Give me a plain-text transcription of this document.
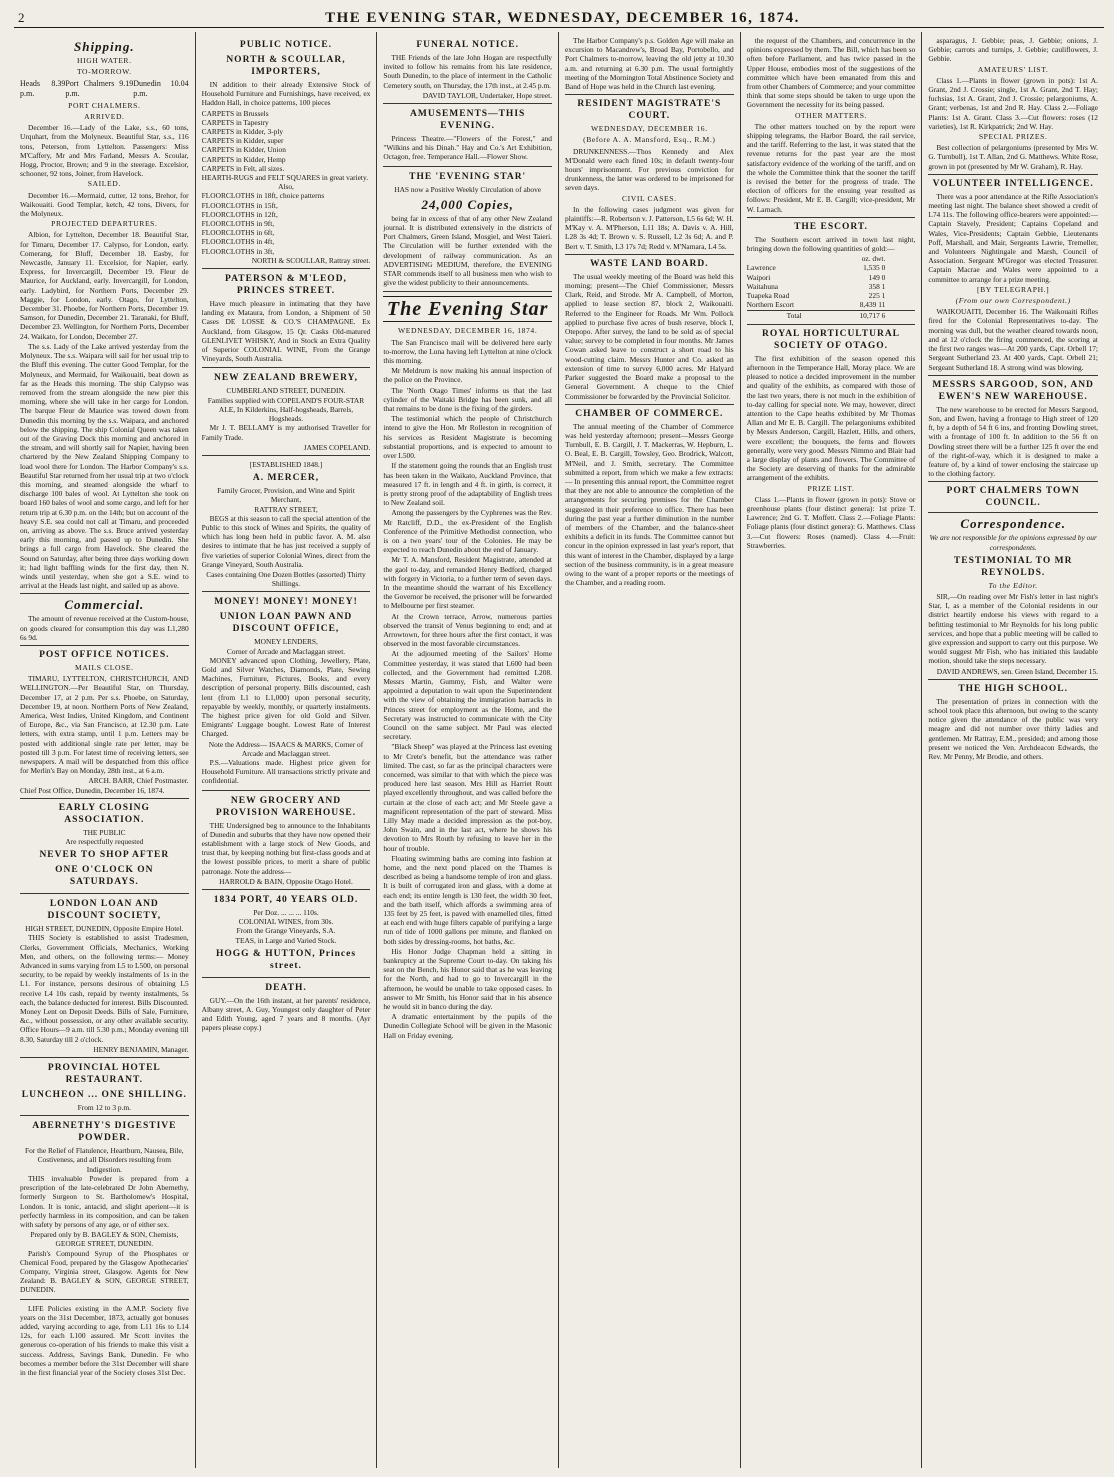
2	THE EVENING STAR, WEDNESDAY, DECEMBER 16, 1874.
Shipping.
HIGH WATER.
TO-MORROW.
Heads 8.39 p.m.
Port Chalmers 9.19 p.m.
Dunedin 10.04 p.m.
PORT CHALMERS.
ARRIVED.

December 16.—Lady of the Lake, s.s., 60 tons, Urquhart, from the Molyneux. Beautiful Star, s.s., 116 tons, Peterson, from Lyttelton. Passengers: Miss M'Caffery, Mr and Mrs Farland, Messrs A. Scoular, Hogg, Proctor, Brown; and 9 in the steerage. Excelsior, schooner, 92 tons, Joiner, from Havelock.

SAILED.

December 16.—Mermaid, cutter, 12 tons, Brehor, for Waikouaiti. Good Templar, ketch, 42 tons, Divers, for the Molyneux.

PROJECTED DEPARTURES.

Albion, for Lyttelton, December 18. Beautiful Star, for Timaru, December 17. Calypso, for London, early. Comerang, for Bluff, December 18. Easby, for Newcastle, January 11. Excelsior, for Napier, early. Express, for Invercargill, December 19. Fleur de Maurice, for Auckland, early. Invercargill, for London, early. Ladybird, for Northern Ports, December 29. Maggie, for London, early. Otago, for Lyttelton, December 31. Phoebe, for Northern Ports, December 19. Samson, for Dunedin, December 21. Taranaki, for Bluff, December 23. Wellington, for Northern Ports, December 24. Waikato, for London, December 27.

The s.s. Lady of the Lake arrived yesterday from the Molyneux. The s.s. Waipara will sail for her usual trip to the Bluff this evening. The cutter Good Templar, for the Molyneux, and Mermaid, for Waikouaiti, beat down as far as the Heads this morning. The ship Calypso was removed from the stream alongside the new pier this morning, where she will take in her cargo for London. The barque Fleur de Maurice was towed down from Dunedin this morning by the s.s. Waipara, and anchored below the shipping. The ship Colonial Queen was taken out of the Graving Dock this morning and anchored in the stream, and will shortly sail for Napier, having been chartered by the New Zealand Shipping Company to load wool there for London. The Harbor Company's s.s. Beautiful Star returned from her usual trip at two o'clock this morning, and steamed alongside the wharf to discharge 100 bales of wool. At Lyttelton she took on board 160 bales of wool and some cargo, and left for her return trip at 6.30 p.m. on the 14th; but on account of the heavy S.E. sea could not call at Timaru, and proceeded on, arriving as above. The s.s. Bruce arrived yesterday early this morning, and passed up to Dunedin. She brings a full cargo from Havelock. She cleared the Sound on Saturday, after being three days working down it; had light baffling winds for the first day, then N. winds until yesterday, when she got a S.E. wind to arrival at the Heads last night, and sailed up as above.

Commercial.

The amount of revenue received at the Custom-house, on goods cleared for consumption this day was L1,280 6s 9d.

POST OFFICE NOTICES.
MAILS CLOSE.

TIMARU, LYTTELTON, CHRISTCHURCH, AND WELLINGTON.—Per Beautiful Star, on Thursday, December 17, at 2 p.m. Per s.s. Phoebe, on Saturday, December 19, at noon. Northern Ports of New Zealand, America, West Indies, United Kingdom, and Continent of Europe, &c., via San Francisco, at 12.30 p.m. Late letters, with extra stamp, until 1 p.m. Letters may be posted with additional single rate per letter, may be posted till 3 p.m. For latest time of receiving letters, see newspapers. A mail will be despatched from this office for Merlin's Bay on Monday, 28th inst., at 6 a.m.

ARCH. BARR, Chief Postmaster.

Chief Post Office, Dunedin, December 16, 1874.

EARLY CLOSING ASSOCIATION.
THE PUBLIC
Are respectfully requested
NEVER TO SHOP AFTER
ONE O'CLOCK ON SATURDAYS.
LONDON LOAN AND DISCOUNT SOCIETY,
HIGH STREET, DUNEDIN, Opposite Empire Hotel.

THIS Society is established to assist Tradesmen, Clerks, Government Officials, Mechanics, Working Men, and others, on the following terms:— Money Advanced in sums varying from L5 to L500, on personal security, to be repaid by weekly instalments of 1s in the L1. For instance, persons desirous of obtaining L5 receive L4 10s cash, repaid by twenty instalments, 5s each, the balance deducted for interest. Bills Discounted. Money Lent on Deposit Deeds. Bills of Sale, Furniture, &c., without possession, or any other available security. Office Hours—9 a.m. till 5.30 p.m.; Monday evening till 8.30, Saturday till 2 o'clock.

HENRY BENJAMIN, Manager.

PROVINCIAL HOTEL RESTAURANT.
LUNCHEON ... ONE SHILLING.
From 12 to 3 p.m.
ABERNETHY'S DIGESTIVE POWDER.
For the Relief of Flatulence, Heartburn, Nausea, Bile, Costiveness, and all Disorders resulting from Indigestion.

THIS invaluable Powder is prepared from a prescription of the late-celebrated Dr John Abernethy, formerly Surgeon to St. Bartholomew's Hospital, London. It is tonic, antacid, and slight aperient—it is perfectly harmless in its composition, and can be taken with safety by persons of any age, or of either sex.

Prepared only by B. BAGLEY & SON, Chemists, GEORGE STREET, DUNEDIN.

Parish's Compound Syrup of the Phosphates or Chemical Food, prepared by the Glasgow Apothecaries' Company, Virginia street, Glasgow. Agents for New Zealand: B. BAGLEY & SON, GEORGE STREET, DUNEDIN.

LIFE Policies existing in the A.M.P. Society five years on the 31st December, 1873, actually got bonuses added, varying according to age, from L11 16s to L14 12s, for each L100 assured. Mr Scott invites the generous co-operation of his friends to make this visit a success. Address, Savings Bank, Dunedin. Fe who becomes a member before the 31st December will share in the first financial year of the Society closes 31st Dec.

PUBLIC NOTICE.
NORTH & SCOULLAR, IMPORTERS,

IN addition to their already Extensive Stock of Household Furniture and Furnishings, have received, ex Haddon Hall, in choice patterns, 100 pieces

CARPETS in Brussels
CARPETS in Tapestry
CARPETS in Kidder, 3-ply
CARPETS in Kidder, super
CARPETS in Kidder, Union
CARPETS in Kidder, Hemp
CARPETS in Felt, all sizes.
HEARTH-RUGS and FELT SQUARES in great variety.
Also,
FLOORCLOTHS in 18ft, choice patterns
FLOORCLOTHS in 15ft,
FLOORCLOTHS in 12ft,
FLOORCLOTHS in 9ft,
FLOORCLOTHS in 6ft,
FLOORCLOTHS in 4ft,
FLOORCLOTHS in 3ft,

NORTH & SCOULLAR, Rattray street.

PATERSON & M'LEOD, PRINCES STREET.

Have much pleasure in intimating that they have landing ex Mataura, from London, a Shipment of 50 Cases DE LOSSE & CO.'S CHAMPAGNE. Ex Auckland, from Glasgow, 15 Qr. Casks Old-matured GLENLIVET WHISKY, And in Stock an Extra Quality of Superior COLONIAL WINE, From the Grange Vineyards, South Australia.

NEW ZEALAND BREWERY,
CUMBERLAND STREET, DUNEDIN.

Families supplied with COPELAND'S FOUR-STAR ALE, In Kilderkins, Half-hogsheads, Barrels, Hogsheads.

Mr J. T. BELLAMY is my authorised Traveller for Family Trade.

JAMES COPELAND.

[ESTABLISHED 1848.]
A. MERCER,
Family Grocer, Provision, and Wine and Spirit Merchant,
RATTRAY STREET,

BEGS at this season to call the special attention of the Public to this stock of Wines and Spirits, the quality of which has long been held in public favor. A. M. also desires to intimate that he has just received a supply of five varieties of superior Colonial Wines, direct from the Grange Vineyard, South Australia.

Cases containing One Dozen Bottles (assorted) Thirty Shillings.

MONEY! MONEY! MONEY!
UNION LOAN PAWN AND DISCOUNT OFFICE,
MONEY LENDERS,
Corner of Arcade and Maclaggan street.

MONEY advanced upon Clothing, Jewellery, Plate, Gold and Silver Watches, Diamonds, Plate, Sewing Machines, Furniture, Pictures, Books, and every description of personal property. Bills discounted, cash lent (from L1 to L1,000) upon personal security, repayable by weekly, monthly, or quarterly instalments. The highest price given for old Gold and Silver. Emigrants' Luggage bought. Lowest Rate of Interest Charged.

Note the Address— ISAACS & MARKS, Corner of Arcade and Maclaggan street.

P.S.—Valuations made. Highest price given for Household Furniture. All transactions strictly private and confidential.

NEW GROCERY AND PROVISION WAREHOUSE.

THE Undersigned beg to announce to the Inhabitants of Dunedin and suburbs that they have now opened their establishment with a large stock of New Goods, and trust that, by keeping nothing but first-class goods and at the lowest possible prices, to merit a share of public patronage. Note the address—

HARROLD & BAIN, Opposite Otago Hotel.

1834 PORT, 40 YEARS OLD.
Per Doz. ... ... ... 110s.
COLONIAL WINES, from 30s.
From the Grange Vineyards, S.A.
TEAS, in Large and Varied Stock.
HOGG & HUTTON, Princes street.
DEATH.

GUY.—On the 16th instant, at her parents' residence, Albany street, A. Guy, Youngest only daughter of Peter and Edith Young, aged 7 years and 8 months. (Ayr papers please copy.)

FUNERAL NOTICE.

THE Friends of the late John Hogan are respectfully invited to follow his remains from his late residence, South Dunedin, to the place of interment in the Catholic Cemetery south, on Thursday, the 17th inst., at 2.45 p.m.

DAVID TAYLOR, Undertaker, Hope street.

AMUSEMENTS—THIS EVENING.

Princess Theatre.—"Flowers of the Forest," and "Wilkins and his Dinah." Hay and Co.'s Art Exhibition, Octagon, free. Temperance Hall.—Flower Show.

THE 'EVENING STAR'

HAS now a Positive Weekly Circulation of above

24,000 Copies,

being far in excess of that of any other New Zealand journal. It is distributed extensively in the districts of Port Chalmers, Green Island, Mosgiel, and West Taieri. The Circulation will be further extended with the development of railway communication. As an ADVERTISING MEDIUM, therefore, the EVENING STAR commends itself to all business men who wish to give the widest publicity to their announcements.

The Evening Star
WEDNESDAY, DECEMBER 16, 1874.

The San Francisco mail will be delivered here early to-morrow, the Luna having left Lyttelton at nine o'clock this morning.

Mr Meldrum is now making his annual inspection of the police on the Province.

The 'North Otago Times' informs us that the last cylinder of the Waitaki Bridge has been sunk, and all that remains to be done is the fixing of the girders.

The testimonial which the people of Christchurch intend to give the Hon. Mr Rolleston in recognition of his services as Resident Magistrate is becoming substantial proportions, and is expected to amount to over L500.

If the statement going the rounds that an English trust has been taken in the Waikato, Auckland Province, that measured 17 ft. in length and 4 ft. in girth, is correct, it is pretty strong proof of the adaptability of English trees to New Zealand soil.

Among the passengers by the Cyphrenes was the Rev. Mr Ratcliff, D.D., the ex-President of the English Conference of the Primitive Methodist connection, who is on a two years' tour of the Colonies. He may be expected to reach Dunedin about the end of January.

Mr T. A. Mansford, Resident Magistrate, attended at the gaol to-day, and remanded Henry Bedford, charged with forgery in Victoria, to a further term of seven days. In the meantime should the warrant of his Excellency the Governor be received, the prisoner will be forwarded to Melbourne per first steamer.

At the Crown terrace, Arrow, numerous parties observed the transit of Venus beginning to end; and at Arrowtown, for three hours after the first contact, it was observed in the most favorable circumstances.

At the adjourned meeting of the Sailors' Home Committee yesterday, it was stated that L600 had been collected, and the Government had remitted L208. Messrs Martin, Gummy, Fish, and Walter were appointed a deputation to wait upon the Superintendent with the view of obtaining the immigration barracks in Princes street for employment as the Home, and the Secretary was instructed to communicate with the City Council on the same subject. Mr Paul was elected secretary.

"Black Sheep" was played at the Princess last evening to Mr Crete's benefit, but the attendance was rather limited. The cast, so far as the principal characters were concerned, was similar to that with which the piece was produced here last season. Mrs Hill as Harriet Routt played excellently throughout, and was called before the curtain at the close of each act; and Mr Steele gave a magnificent representation of the part of steward. Miss Lilly May made a decided impression as the pot-boy, John Swain, and in the last act, where he shows his devotion to Mrs Routh by refusing to leave her in the hour of trouble.

Floating swimming baths are coming into fashion at home, and the next pond placed on the Thames is described as being a handsome temple of iron and glass. It is built of corrugated iron and glass, with a dome at each end; its entire length is 130 feet, the width 30 feet, and the bath itself, which affords a swimming area of 135 feet by 25 feet, is paved with enamelled tiles, fitted at each end with huge filters capable of purifying a large run of tide of 1000 gallons per minute, and flanked on both sides by dressing-rooms, hot baths, &c.

His Honor Judge Chapman held a sitting in bankruptcy at the Supreme Court to-day. On taking his seat on the Bench, his Honor said that as he was leaving for the North, and had to go to Invercargill in the afternoon, he would be unable to take opposed cases. In answer to Mr Smith, his Honor said that in his absence he would sit in banco during the day.

A dramatic entertainment by the pupils of the Dunedin Collegiate School will be given in the Masonic Hall on Friday evening.

The Harbor Company's p.s. Golden Age will make an excursion to Macandrew's, Broad Bay, Portobello, and Port Chalmers to-morrow, leaving the old jetty at 10.30 a.m. and returning at 6.30 p.m. The usual fortnightly meeting of the Mornington Total Abstinence Society and Band of Hope was held in the Church last evening.

RESIDENT MAGISTRATE'S COURT.
WEDNESDAY, DECEMBER 16.
(Before A. A. Mansford, Esq., R.M.)

DRUNKENNESS.—Thos Kennedy and Alex M'Donald were each fined 10s; in default twenty-four hours' imprisonment. For previous conviction for drunkenness, the latter was ordered to be imprisoned for seven days.

CIVIL CASES.

In the following cases judgment was given for plaintiffs:—R. Robertson v. J. Patterson, L5 6s 6d; W. H. M'Kay v. A. M'Pherson, L11 18s; A. Davis v. A. Hill, L28 3s 4d; T. Brown v. S. Russell, L2 3s 6d; A. and P. Bert v. T. Smith, L3 17s 7d; Redd v. M'Namara, L4 5s.

WASTE LAND BOARD.

The usual weekly meeting of the Board was held this morning; present—The Chief Commissioner, Messrs Clark, Reid, and Strode. Mr A. Campbell, of Morton, applied to lease section 87, block 2, Waikouaiti. Referred to the Engineer for Roads. Mr Wm. Pollock applied to purchase five acres of bush reserve, block I, Otepopo. After survey, the land to be sold as of special value; survey to be completed in four months. Mr James Cowan asked leave to construct a short road to his wood-cutting claim. Messrs Hunter and Co. asked an extension of time to survey 6,000 acres. Mr Halyard Parker suggested the Board make a proposal to the General Government. A cheque to the Chief Commissioner be forwarded by the Provincial Solicitor.

CHAMBER OF COMMERCE.

The annual meeting of the Chamber of Commerce was held yesterday afternoon; present—Messrs George Turnbull, E. B. Cargill, J. T. Mackerras, W. Hepburn, L. O. Beal, E. B. Cargill, Towsley, Geo. Brodrick, Walcott, M'Neil, and J. Smith, secretary. The Committee submitted a report, from which we make a few extracts:— In presenting this annual report, the Committee regret that they are not able to announce the completion of the arrangements for securing premises for the Chamber suggested in their preference to office. There has been during the past year a further diminution in the number of members of the Chamber, and the balance-sheet exhibits a deficit in its funds. The Committee cannot but concur in the opinion expressed in last year's report, that this want of interest in the Chamber, displayed by a large section of the business community, is in a great measure owing to the want of a proper reports or the meetings of the Chamber, and a reading room.

the request of the Chambers, and concurrence in the opinions expressed by them. The Bill, which has been so often before Parliament, and has twice passed in the Upper House, embodies most of the suggestions of the committee which have been emanated from this and from other Chambers of Commerce; and your committee think that some steps should be taken to urge upon the Government the necessity for its being passed.

OTHER MATTERS.

The other matters touched on by the report were shipping telegrams, the Harbor Board, the rail service, and the tariff. Referring to the last, it was stated that the revenue returns for the past year are the most satisfactory evidence of the working of the tariff, and on the whole the Committee think that the sooner the tariff is revised the better for the progress of trade. The election of officers for the ensuing year resulted as follows: President, Mr E. B. Cargill; vice-president, Mr W. Larnach.

THE ESCORT.

The Southern escort arrived in town last night, bringing down the following quantities of gold:—

oz. dwt.
Lawrence	1,535 0
Waipori	149 0
Waitahuna	358 1
Tuapeka Road	225 1
Northern Escort	8,439 11
Total	10,717 6
ROYAL HORTICULTURAL SOCIETY OF OTAGO.

The first exhibition of the season opened this afternoon in the Temperance Hall, Moray place. We are pleased to notice a decided improvement in the number and quality of the exhibits, as compared with those of the last two years, there is not much in the exhibition of to-day calling for special note. We may, however, direct attention to the Cape heaths exhibited by Mr Thomas Allan and Mr E. B. Cargill. The pelargoniums exhibited by Messrs Anderson, Cargill, Hazlett, Hills, and others, were excellent; the bouquets, the ferns and flowers generally, were very good. Messrs Nimmo and Blair had a large display of plants and flowers. The Committee of the Society are deserving of thanks for the admirable arrangement of the exhibits.

PRIZE LIST.

Class 1.—Plants in flower (grown in pots): Stove or greenhouse plants (four distinct genera): 1st prize T. Lawrence; 2nd G. T. Moffett. Class 2.—Foliage Plants: Foliage plants (four distinct genera): G. Matthews. Class 3.—Cut flowers: Roses (named). Class 4.—Fruit: Strawberries.

asparagus, J. Gebbie; peas, J. Gebbie; onions, J. Gebbie; carrots and turnips, J. Gebbie; cauliflowers, J. Gebbie.

AMATEURS' LIST.

Class 1.—Plants in flower (grown in pots): 1st A. Grant, 2nd J. Crossie; single, 1st A. Grant, 2nd T. Hay; fuchsias, 1st A. Grant, 2nd J. Crossie; pelargoniums, A. Grant; verbenas, 1st and 2nd R. Hay. Class 2.—Foliage Plants: 1st A. Grant. Class 3.—Cut flowers: roses (12 varieties), 1st R. Kirkpatrick; 2nd W. Hay.

SPECIAL PRIZES.

Best collection of pelargoniums (presented by Mrs W. G. Turnbull), 1st T. Allan, 2nd G. Matthews. White Rose, grown in pot (presented by Mr W. Graham), R. Hay.

VOLUNTEER INTELLIGENCE.

There was a poor attendance at the Rifle Association's meeting last night. The balance sheet showed a credit of L74 11s. The following office-bearers were appointed:—Captain Stavely, President; Captains Copeland and Wales, Vice-Presidents; Captain Gebbie, Lieutenants Poff, Marshall, and Mair, Sergeants Lawrie, Tremeller, and Volunteers Nightingale and Marsh, Council of Association. Sergeant M'Gregor was elected Treasurer. Captain Macrae and Wales were appointed to a committee to arrange for a prize meeting.

[BY TELEGRAPH.]
(From our own Correspondent.)

WAIKOUAITI, December 16. The Waikouaiti Rifles fired for the Colonial Representatives to-day. The morning was dull, but the weather cleared towards noon, and at 12 o'clock the firing commenced, the scoring at the first two ranges was—At 200 yards, Capt. Orbell 17; Sergeant Sutherland 23. At 400 yards, Capt. Orbell 21; Sergeant Sutherland 18. A strong wind was blowing.

MESSRS SARGOOD, SON, AND EWEN'S NEW WAREHOUSE.

The new warehouse to be erected for Messrs Sargood, Son, and Ewen, having a frontage to High street of 120 ft, by a depth of 54 ft 6 ins, and fronting Dowling street, with a frontage of 100 ft. In addition to the 56 ft on Dowling street there will be a further 125 ft over the end of the right-of-way, which it is designed to make a feature of, by a kind of tower enclosing the staircase up to the clothing factory.

PORT CHALMERS TOWN COUNCIL.
Correspondence.

We are not responsible for the opinions expressed by our correspondents.

TESTIMONIAL TO MR REYNOLDS.
To the Editor.

SIR,—On reading over Mr Fish's letter in last night's Star, I, as a member of the Colonial residents in our district heartily endorse his views with regard to a befitting testimonial to Mr Reynolds for his long public services, and hope that a public meeting will be called to give expression and support to carry out this purpose. We would suggest Mr Fish, who has initiated this laudable motion, should take the steps necessary.

DAVID ANDREWS, sen. Green Island, December 15.

THE HIGH SCHOOL.

The presentation of prizes in connection with the school took place this afternoon, but owing to the scanty notice given the attendance of the public was very meagre and did not number over thirty ladies and gentlemen. Mr Rattray, E.M., presided; and among those present we noticed the Ven. Archdeacon Edwards, the Rev. Mr Penny, Mr Brodie, and others.
